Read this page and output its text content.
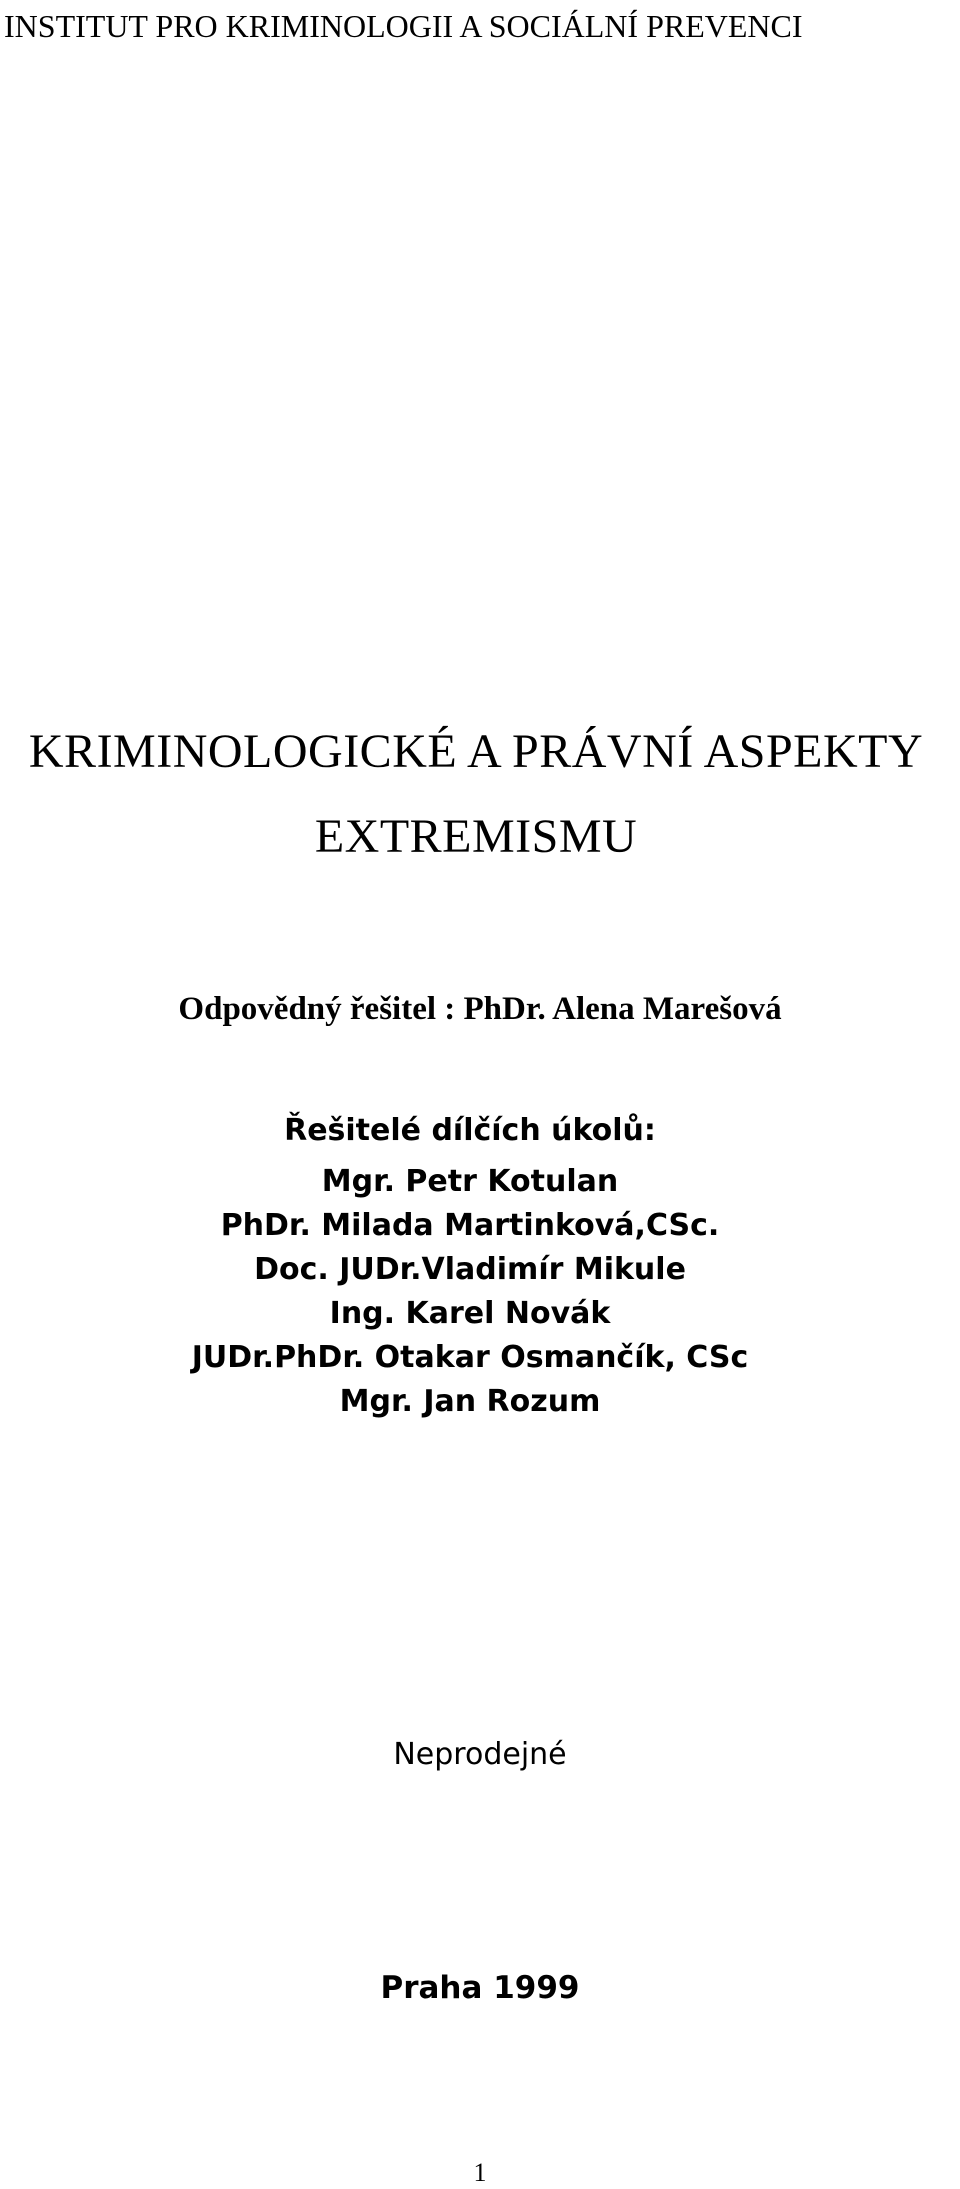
INSTITUT PRO KRIMINOLOGII A SOCIÁLNÍ PREVENCI

KRIMINOLOGICKÉ A PRÁVNÍ ASPEKTY
EXTREMISMU

Odpovědný řešitel : PhDr. Alena Marešová

Řešitelé dílčích úkolů:

Mgr. Petr Kotulan
PhDr. Milada Martinková,CSc.
Doc. JUDr.Vladimír Mikule
Ing. Karel Novák
JUDr.PhDr. Otakar Osmančík, CSc
Mgr. Jan Rozum

Neprodejné

Praha 1999

1
